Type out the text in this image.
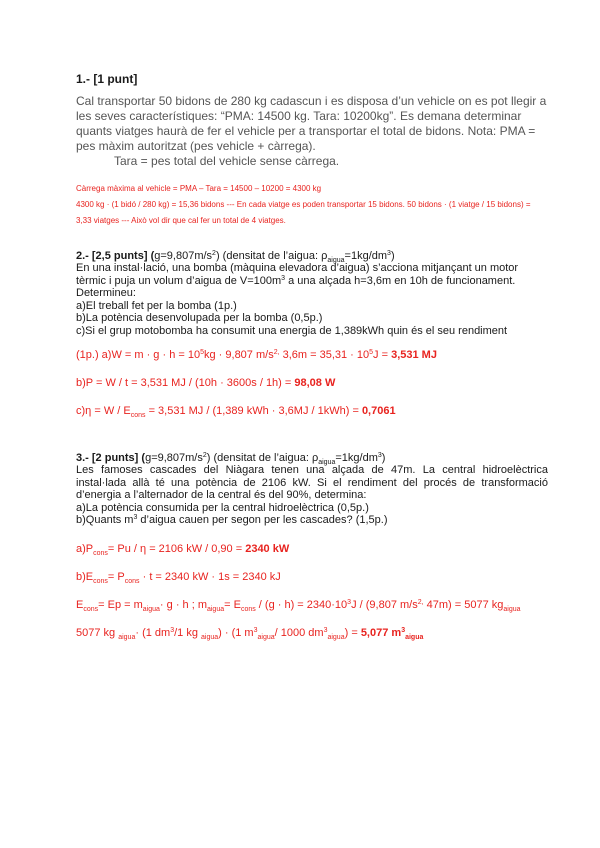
1.- [1 punt]
Cal transportar 50 bidons de 280 kg cadascun i es disposa d’un vehicle on es pot llegir a les seves característiques: “PMA: 14500 kg. Tara: 10200kg”. Es demana determinar quants viatges haurà de fer el vehicle per a transportar el total de bidons. Nota: PMA = pes màxim autoritzat (pes vehicle + càrrega).
Tara = pes total del vehicle sense càrrega.
Càrrega màxima al vehicle = PMA – Tara = 14500 – 10200 = 4300 kg
4300 kg · (1 bidó / 280 kg) = 15,36 bidons --- En cada viatge es poden transportar 15 bidons. 50 bidons · (1 viatge / 15 bidons) = 3,33 viatges --- Això vol dir que cal fer un total de 4 viatges.
2.- [2,5 punts] $(g=9,807m/s^2)$ (densitat de l’aigua: $\rho_{aigua}=1kg/dm^3$)
En una instal·lació, una bomba (màquina elevadora d’aigua) s’acciona mitjançant un motor tèrmic i puja un volum d’aigua de $V=100m^3$ a una alçada h=3,6m en 10h de funcionament.
Determineu:
a)El treball fet per la bomba (1p.)
b)La potència desenvolupada per la bomba (0,5p.)
c)Si el grup motobomba ha consumit una energia de 1,389kWh quin és el seu rendiment
(1p.) $a)W = m \cdot g \cdot h = 10^5kg \cdot 9,807$ $m/s^{2,}$ $3,6m = 35,31 \cdot 10^5J = 3,531$ MJ
b)P = W / t = 3,531 MJ / (10h · 3600s / 1h) = 98,08 W
$c)\eta = W / E_{cons} = 3,531$ MJ / (1,389 kWh · 3,6MJ / 1kWh) = 0,7061
3.- [2 punts] $(g=9,807m/s^2)$ (densitat de l’aigua: $\rho_{aigua}=1kg/dm^3$)
Les famoses cascades del Niàgara tenen una alçada de 47m. La central hidroelèctrica instal·lada allà té una potència de 2106 kW. Si el rendiment del procés de transformació d’energia a l’alternador de la central és del 90%, determina:
a)La potència consumida per la central hidroelèctrica (0,5p.)
b)Quants $m^3$ d’aigua cauen per segon per les cascades? (1,5p.)
$a)P_{cons}= Pu / \eta = 2106$ kW / 0,90 = 2340 kW
$b)E_{cons}= P_{cons} \cdot t = 2340$ kW · 1s = 2340 kJ
$E_{cons}= Ep = m_{aigua}\cdot g \cdot h$ ; $m_{aigua}= E_{cons} / (g \cdot h) = 2340\cdot 10^3J / (9,807$ $m/s^{2,}$ 47m) = 5077 $kg_{aigua}$
5077 kg $_{aigua}$· (1 $dm^3/1$ kg $_{aigua}$) · (1 $m^3_{aigua}/$ 1000 $dm^3_{aigua}) = 5,077$ $m^3_{aigua}$
